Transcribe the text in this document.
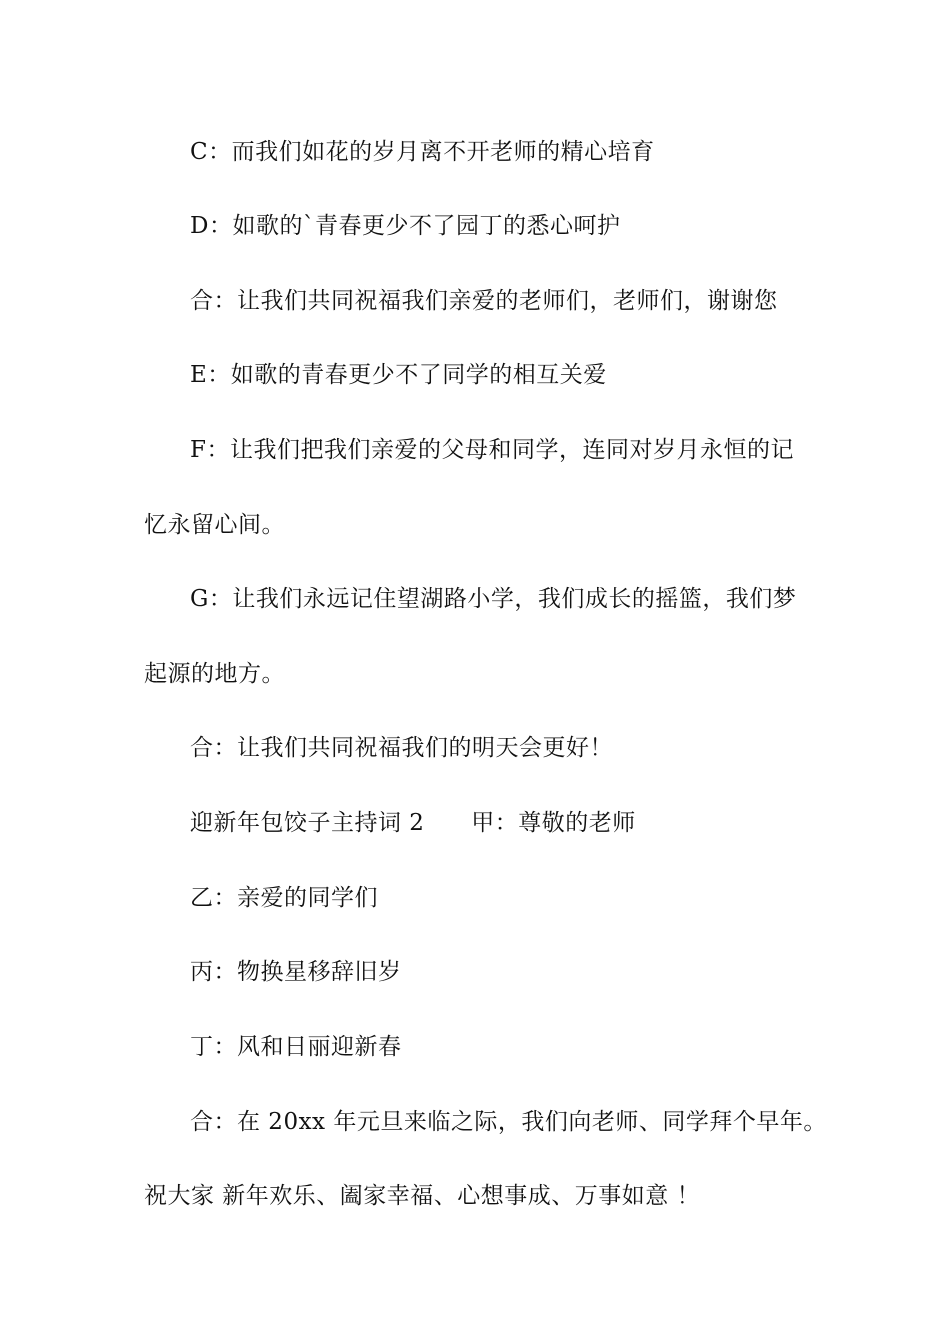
C：而我们如花的岁月离不开老师的精心培育
D：如歌的`青春更少不了园丁的悉心呵护
合：让我们共同祝福我们亲爱的老师们，老师们，谢谢您
E：如歌的青春更少不了同学的相互关爱
F：让我们把我们亲爱的父母和同学，连同对岁月永恒的记
忆永留心间。
G：让我们永远记住望湖路小学，我们成长的摇篮，我们梦
起源的地方。
合：让我们共同祝福我们的明天会更好！
迎新年包饺子主持词 2      甲：尊敬的老师
乙：亲爱的同学们
丙：物换星移辞旧岁
丁：风和日丽迎新春
合：在 20xx 年元旦来临之际，我们向老师、同学拜个早年。
祝大家 新年欢乐、阖家幸福、心想事成、万事如意 ！
